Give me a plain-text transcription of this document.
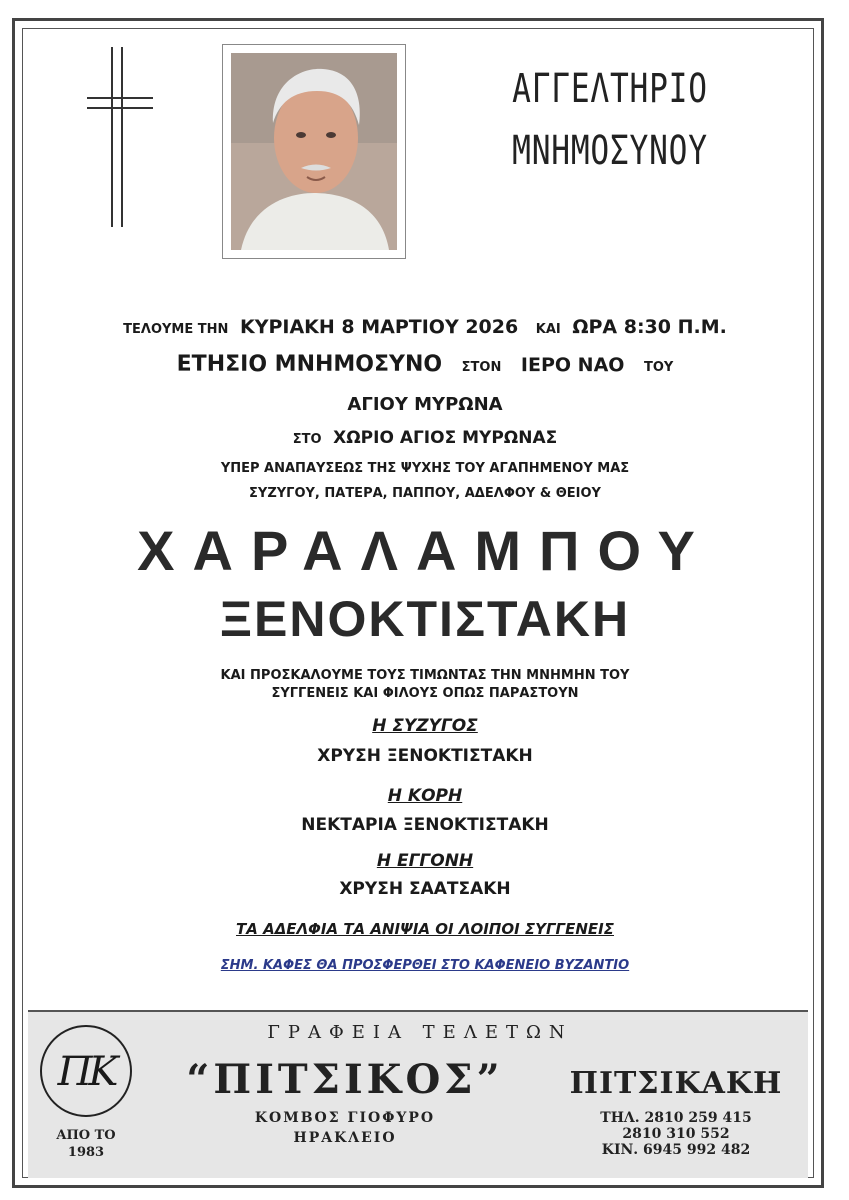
ΑΓΓΕΛΤΗΡΙΟ
ΜΝΗΜΟΣΥΝΟΥ
ΤΕΛΟΥΜΕ ΤΗΝ ΚΥΡΙΑΚΗ 8 ΜΑΡΤΙΟΥ 2026 ΚΑΙ ΩΡΑ 8:30 Π.Μ.
ΕΤΗΣΙΟ ΜΝΗΜΟΣΥΝΟ ΣΤΟΝ ΙΕΡΟ ΝΑΟ ΤΟΥ
ΑΓΙΟΥ ΜΥΡΩΝΑ
ΣΤΟ ΧΩΡΙΟ ΑΓΙΟΣ ΜΥΡΩΝΑΣ
ΥΠΕΡ ΑΝΑΠΑΥΣΕΩΣ ΤΗΣ ΨΥΧΗΣ ΤΟΥ ΑΓΑΠΗΜΕΝΟΥ ΜΑΣ
ΣΥΖΥΓΟΥ, ΠΑΤΕΡΑ, ΠΑΠΠΟΥ, ΑΔΕΛΦΟΥ & ΘΕΙΟΥ
ΧΑΡΑΛΑΜΠΟΥ
ΞΕΝΟΚΤΙΣΤΑΚΗ
ΚΑΙ ΠΡΟΣΚΑΛΟΥΜΕ ΤΟΥΣ ΤΙΜΩΝΤΑΣ ΤΗΝ ΜΝΗΜΗΝ ΤΟΥ
ΣΥΓΓΕΝΕΙΣ ΚΑΙ ΦΙΛΟΥΣ ΟΠΩΣ ΠΑΡΑΣΤΟΥΝ
Η ΣΥΖΥΓΟΣ
ΧΡΥΣΗ ΞΕΝΟΚΤΙΣΤΑΚΗ
Η ΚΟΡΗ
ΝΕΚΤΑΡΙΑ ΞΕΝΟΚΤΙΣΤΑΚΗ
Η ΕΓΓΟΝΗ
ΧΡΥΣΗ ΣΑΑΤΣΑΚΗ
ΤΑ ΑΔΕΛΦΙΑ ΤΑ ΑΝΙΨΙΑ ΟΙ ΛΟΙΠΟΙ ΣΥΓΓΕΝΕΙΣ
ΣΗΜ. ΚΑΦΕΣ ΘΑ ΠΡΟΣΦΕΡΘΕΙ ΣΤΟ ΚΑΦΕΝΕΙΟ ΒΥΖΑΝΤΙΟ
ΠΚ
ΑΠΟ ΤΟ
1983
ΓΡΑΦΕΙΑ ΤΕΛΕΤΩΝ
“ΠΙΤΣΙΚΟΣ”
ΚΟΜΒΟΣ ΓΙΟΦΥΡΟ
ΗΡΑΚΛΕΙΟ
ΠΙΤΣΙΚΑΚΗ
ΤΗΛ. 2810 259 415
2810 310 552
ΚΙΝ. 6945 992 482
